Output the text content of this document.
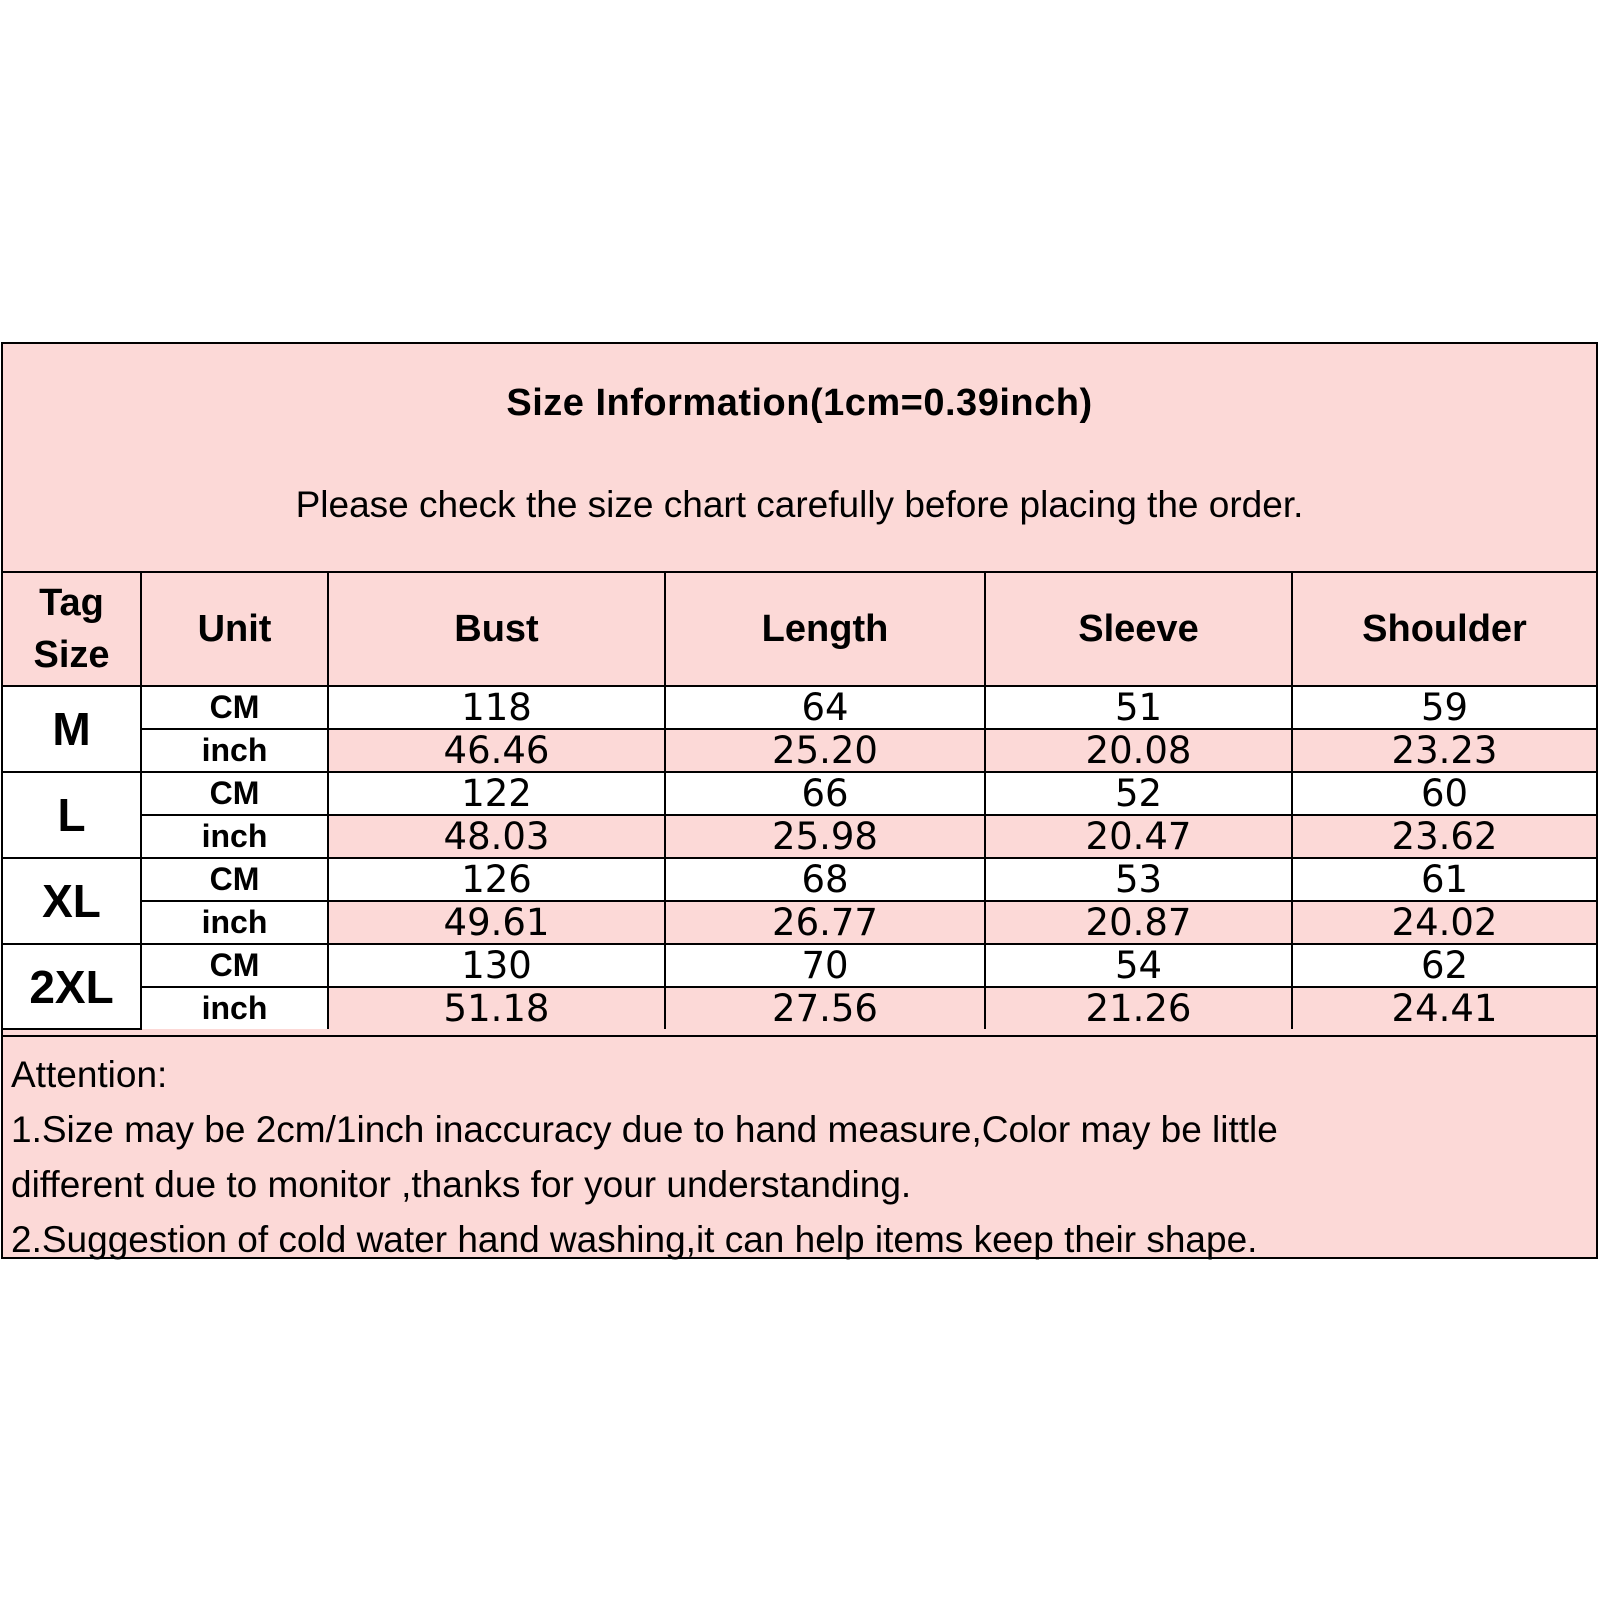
Size Information(1cm=0.39inch)
Please check the size chart carefully before placing the order.
Tag
Size	Unit	Bust	Length	Sleeve	Shoulder
M	CM	118	64	51	59
	inch	46.46	25.20	20.08	23.23
L	CM	122	66	52	60
	inch	48.03	25.98	20.47	23.62
XL	CM	126	68	53	61
	inch	49.61	26.77	20.87	24.02
2XL	CM	130	70	54	62
	inch	51.18	27.56	21.26	24.41
Attention:
1.Size may be 2cm/1inch inaccuracy due to hand measure,Color may be little
different due to monitor ,thanks for your understanding.
2.Suggestion of cold water hand washing,it can help items keep their shape.
